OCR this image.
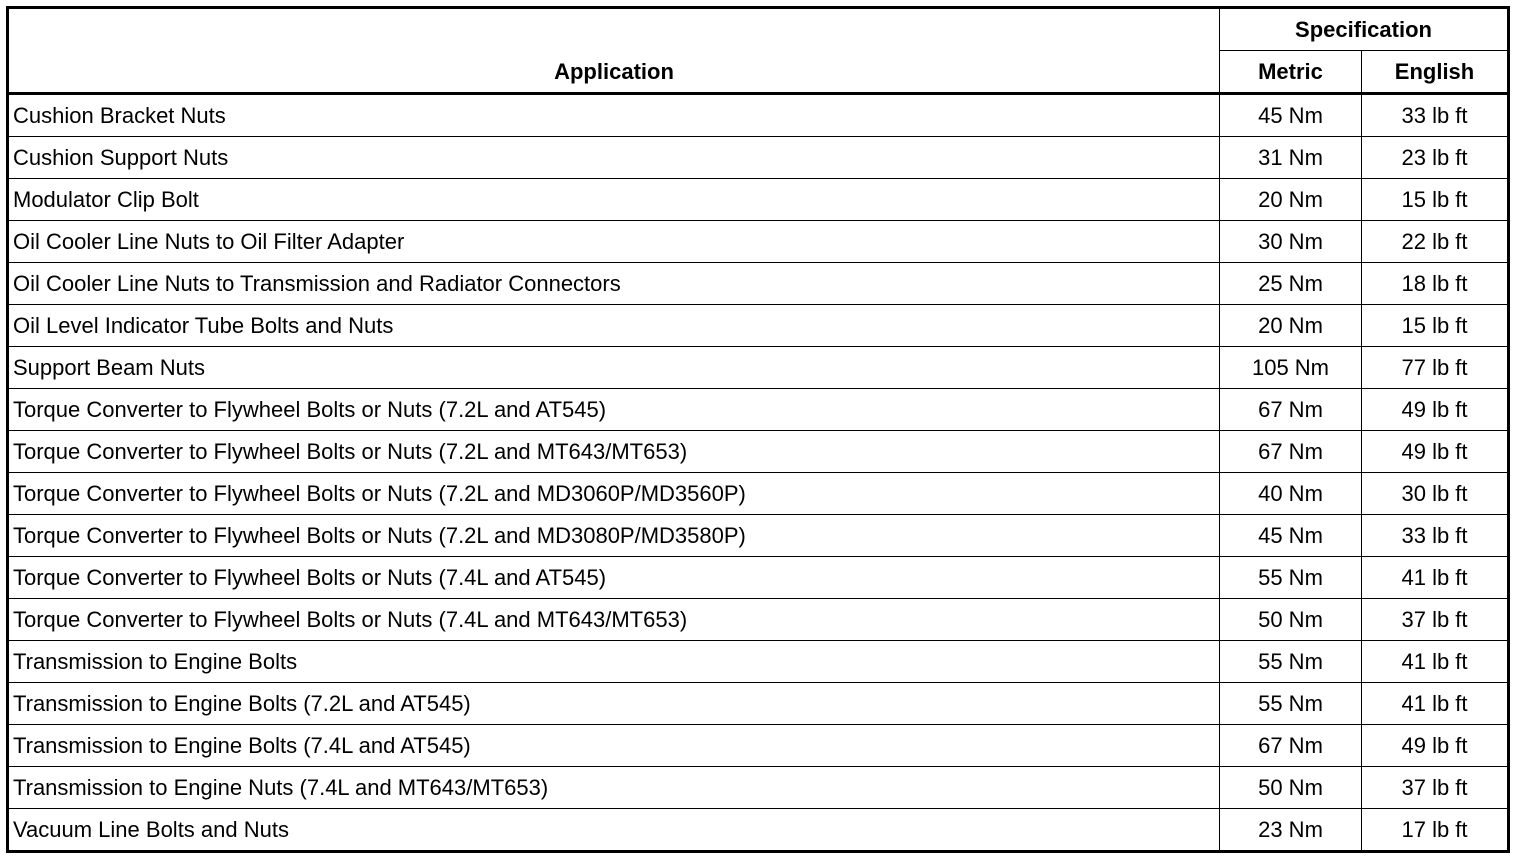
Application	Specification	
	Metric	English
Cushion Bracket Nuts	45 Nm	33 lb ft
Cushion Support Nuts	31 Nm	23 lb ft
Modulator Clip Bolt	20 Nm	15 lb ft
Oil Cooler Line Nuts to Oil Filter Adapter	30 Nm	22 lb ft
Oil Cooler Line Nuts to Transmission and Radiator Connectors	25 Nm	18 lb ft
Oil Level Indicator Tube Bolts and Nuts	20 Nm	15 lb ft
Support Beam Nuts	105 Nm	77 lb ft
Torque Converter to Flywheel Bolts or Nuts (7.2L and AT545)	67 Nm	49 lb ft
Torque Converter to Flywheel Bolts or Nuts (7.2L and MT643/MT653)	67 Nm	49 lb ft
Torque Converter to Flywheel Bolts or Nuts (7.2L and MD3060P/MD3560P)	40 Nm	30 lb ft
Torque Converter to Flywheel Bolts or Nuts (7.2L and MD3080P/MD3580P)	45 Nm	33 lb ft
Torque Converter to Flywheel Bolts or Nuts (7.4L and AT545)	55 Nm	41 lb ft
Torque Converter to Flywheel Bolts or Nuts (7.4L and MT643/MT653)	50 Nm	37 lb ft
Transmission to Engine Bolts	55 Nm	41 lb ft
Transmission to Engine Bolts (7.2L and AT545)	55 Nm	41 lb ft
Transmission to Engine Bolts (7.4L and AT545)	67 Nm	49 lb ft
Transmission to Engine Nuts (7.4L and MT643/MT653)	50 Nm	37 lb ft
Vacuum Line Bolts and Nuts	23 Nm	17 lb ft
